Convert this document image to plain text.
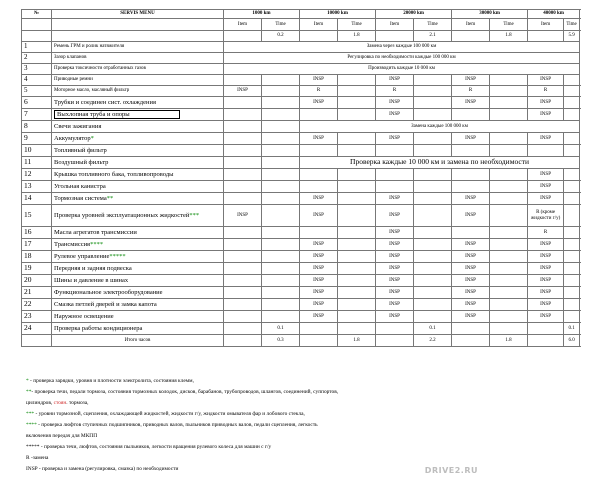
№	SERVIS MENU	1000 km		10000 km		20000 km		30000 km		40000 km	
		Item	Time	Item	Time	Item	Time	Item	Time	Item	Time
			0.2		1.8		2.1		1.8		5.9
1	Ремень ГРМ и ролик натяжителя	Замена через каждые 100 000 км									
2	Зазор клапанов	Регулировка по необходимости каждые 100 000 км									
3	Проверка токсичности отработанных газов	Производить каждые 10 000 км									
4	Приводные ремни			INSP		INSP		INSP		INSP	
5	Моторное масло, масляный фильтр	INSP		R		R		R		R	
6	Трубки и соединен сист. охлаждения			INSP		INSP		INSP		INSP	
7	Выхлопная труба и опоры					INSP				INSP	
8	Свечи зажигания			Замена каждые 100 000 км							
9	Аккумулятор*			INSP		INSP		INSP		INSP	
10	Топливный фильтр										
11	Воздушный фильтр			Проверка каждые 10 000 км и замена по необходимости							
12	Крышка топливного бака, топливопроводы									INSP	
13	Угольная канистра									INSP	
14	Тормозная система**			INSP		INSP		INSP		INSP	
15	Проверка уровней эксплуатационных жидкостей***	INSP		INSP		INSP		INSP		R (кроме жидкости г/у)	
16	Масла агрегатов трансмиссии					INSP				R	
17	Трансмиссия****			INSP		INSP		INSP		INSP	
18	Рулевое управление*****			INSP		INSP		INSP		INSP	
19	Передняя и задняя подвеска			INSP		INSP		INSP		INSP	
20	Шины и давление в шинах			INSP		INSP		INSP		INSP	
21	Функциональное электрооборудование			INSP		INSP		INSP		INSP	
22	Смазка петлей дверей и замка капота			INSP		INSP		INSP		INSP	
23	Наружное освещение			INSP		INSP		INSP		INSP	
24	Проверка работы кондиционера		0.1				0.1				0.1
	Итого часов		0.3		1.8		2.2		1.8		6.0
* - проверка зарядки, уровня и плотности электролита, состояния клемм,
**- проверка течи, педали тормоза, состояния тормозных колодок, дисков, барабанов, трубопроводов, шлангов, соединений, суппортов,
цилиндров, стоян. тормоза,
*** - уровни тормозной, сцепления, охлаждающей жидкостей, жидкости г/у, жидкости омывателя фар и лобового стекла,
**** - проверка люфтов ступичных подшипников, приводных валов, пыльников приводных валов, педали сцепления, легкость
включения передач для МКПП
***** - проверка течи, люфтов, состояния пыльников, легкости вращения рулевого колеса для машин с г/у
R -замена
INSP - проверка и замена (регулировка, смазка) по необходимости	DRIVE2.RU
